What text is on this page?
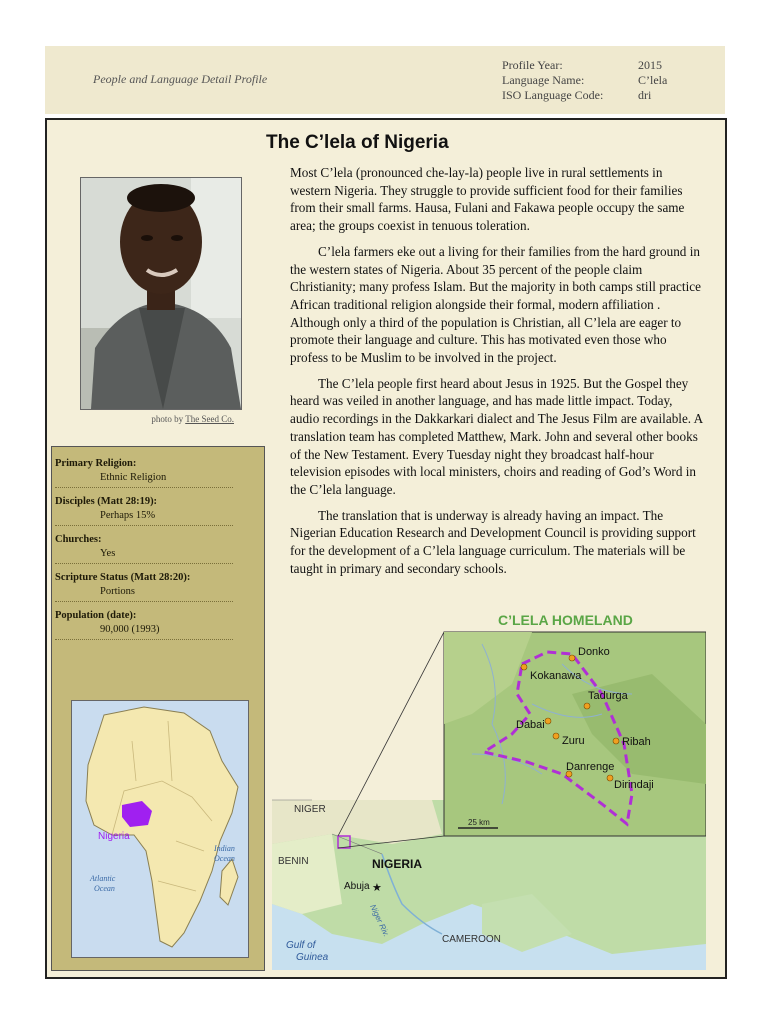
People and Language Detail Profile
Profile Year:
Language Name:
ISO Language Code:
2015
C’lela
dri
photo by The Seed Co.
Primary Religion:
Ethnic Religion
Disciples (Matt 28:19):
Perhaps 15%
Churches:
Yes
Scripture Status (Matt 28:20):
Portions
Population (date):
90,000 (1993)
Nigeria
Indian
Ocean
Atlantic
Ocean
The C’lela of Nigeria

Most C’lela (pronounced che-lay-la) people live in rural settlements in western Nigeria. They struggle to provide sufficient food for their families from their small farms. Hausa, Fulani and Fakawa people occupy the same area; the groups coexist in tenuous toleration.

C’lela farmers eke out a living for their families from the hard ground in the western states of Nigeria. About 35 percent of the people claim Christianity; many profess Islam. But the majority in both camps still practice African traditional religion alongside their formal, modern affiliation . Although only a third of the population is Christian, all C’lela are eager to promote their language and culture. This has motivated even those who profess to be Muslim to be involved in the project.

The C’lela people first heard about Jesus in 1925. But the Gospel they heard was veiled in another language, and has made little impact. Today, audio recordings in the Dakkarkari dialect and The Jesus Film are available. A translation team has completed Matthew, Mark. John and several other books of the New Testament. Every Tuesday night they broadcast half-hour television episodes with local ministers, choirs and reading of God’s Word in the C’lela language.

The translation that is underway is already having an impact. The Nigerian Education Research and Development Council is providing support for the development of a C’lela language curriculum. The materials will be taught in primary and secondary schools.

C’LELA HOMELAND
Donko
Kokanawa
Tadurga
Dabai
Zuru	Ribah
Danrenge
Dirindaji
25 km
NIGER
BENIN	NIGERIA
CAMEROON
Abuja ★
Niger Riv.
Gulf of
Guinea
